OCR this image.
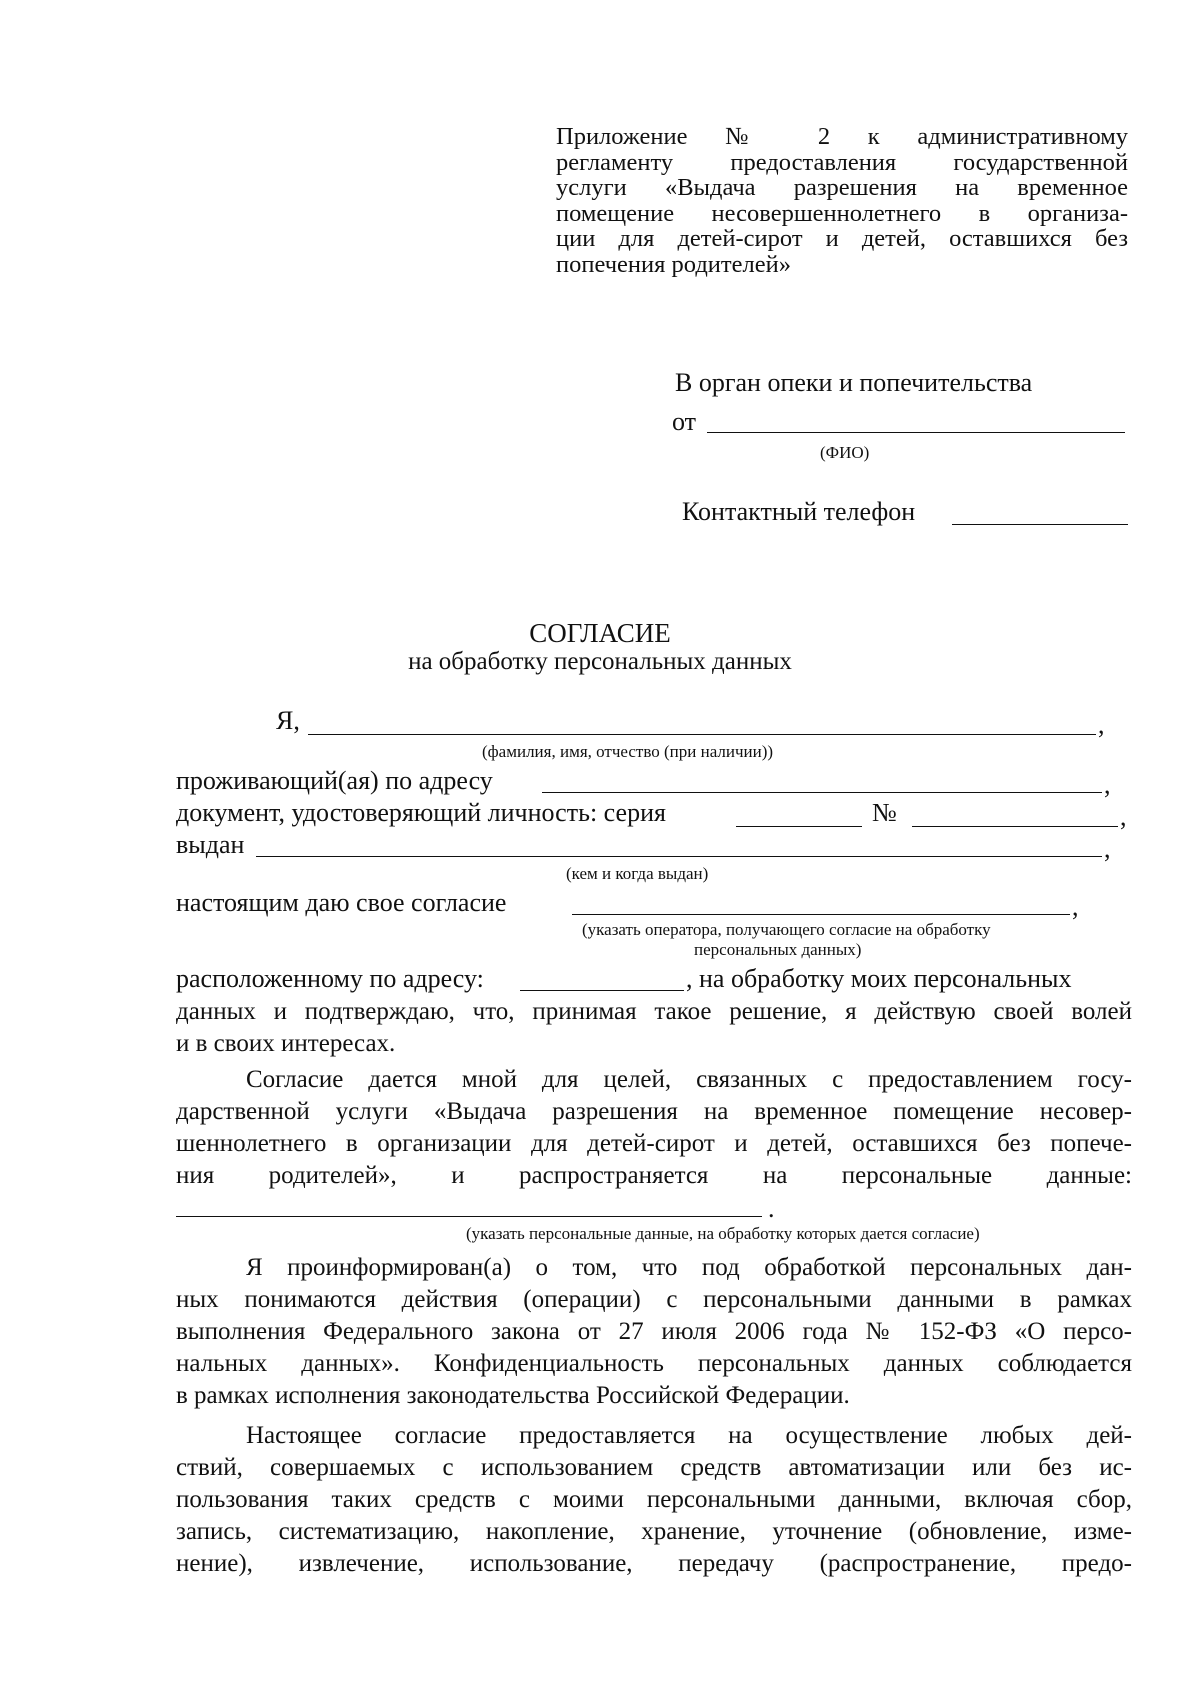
Приложение № 2 к административному
регламенту предоставления государственной
услуги «Выдача разрешения на временное
помещение несовершеннолетнего в организа-
ции для детей-сирот и детей, оставшихся без
попечения родителей»
В орган опеки и попечительства
от
(ФИО)
Контактный телефон
СОГЛАСИЕ
на обработку персональных данных
Я,	,
(фамилия, имя, отчество (при наличии))
проживающий(ая) по адресу	,
документ, удостоверяющий личность: серия	№	,
выдан	,
(кем и когда выдан)
настоящим даю свое согласие	,
(указать оператора, получающего согласие на обработку
персональных данных)
расположенному по адресу:	, на обработку моих персональных
данных и подтверждаю, что, принимая такое решение, я действую своей волей
и в своих интересах.
Согласие дается мной для целей, связанных с предоставлением госу-
дарственной услуги «Выдача разрешения на временное помещение несовер-
шеннолетнего в организации для детей-сирот и детей, оставшихся без попече-
ния родителей», и распространяется на персональные данные:
.
(указать персональные данные, на обработку которых дается согласие)
Я проинформирован(а) о том, что под обработкой персональных дан-
ных понимаются действия (операции) с персональными данными в рамках
выполнения Федерального закона от 27 июля 2006 года № 152-ФЗ «О персо-
нальных данных». Конфиденциальность персональных данных соблюдается
в рамках исполнения законодательства Российской Федерации.
Настоящее согласие предоставляется на осуществление любых дей-
ствий, совершаемых с использованием средств автоматизации или без ис-
пользования таких средств с моими персональными данными, включая сбор,
запись, систематизацию, накопление, хранение, уточнение (обновление, изме-
нение), извлечение, использование, передачу (распространение, предо-
